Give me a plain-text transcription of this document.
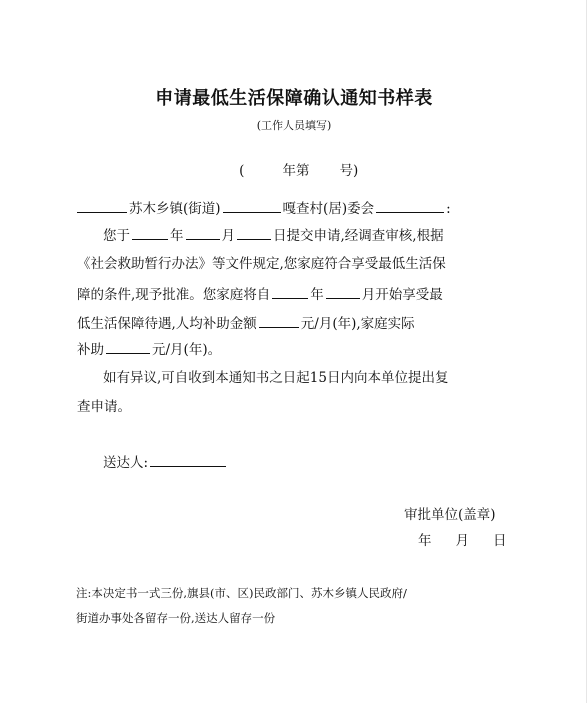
申请最低生活保障确认通知书样表
(工作人员填写)

(	年第 号)

苏木乡镇(街道)	嘎查村(居)委会	:
您于	年	月	日提交申请,经调查审核,根据
《社会救助暂行办法》等文件规定,您家庭符合享受最低生活保
障的条件,现予批准。您家庭将自	年	月开始享受最
低生活保障待遇,人均补助金额	元/月(年),家庭实际
补助	元/月(年)。
如有异议,可自收到本通知书之日起15日内向本单位提出复
查申请。
送达人:
审批单位(盖章)
年 月 日
注:本决定书一式三份,旗县(市、区)民政部门、苏木乡镇人民政府/
街道办事处各留存一份,送达人留存一份
